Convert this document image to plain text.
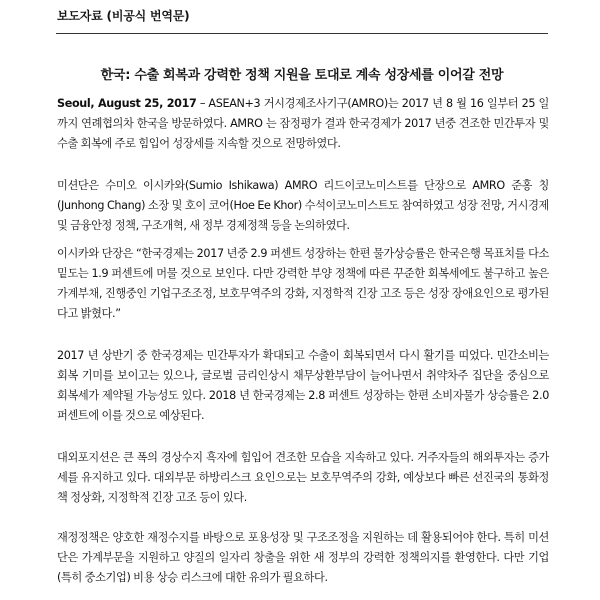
보도자료 (비공식 번역문)
한국: 수출 회복과 강력한 정책 지원을 토대로 계속 성장세를 이어갈 전망
Seoul, August 25, 2017 – ASEAN+3 거시경제조사기구(AMRO)는 2017 년 8 월 16 일부터 25 일까지 연례협의차 한국을 방문하였다. AMRO 는 잠정평가 결과 한국경제가 2017 년중 견조한 민간투자 및 수출 회복에 주로 힘입어 성장세를 지속할 것으로 전망하였다.
미션단은 수미오 이시카와(Sumio Ishikawa) AMRO 리드이코노미스트를 단장으로 AMRO 준홍 칭(Junhong Chang) 소장 및 호이 코어(Hoe Ee Khor) 수석이코노미스트도 참여하였고 성장 전망, 거시경제 및 금융안정 정책, 구조개혁, 새 정부 경제정책 등을 논의하였다.
이시카와 단장은 “한국경제는 2017 년중 2.9 퍼센트 성장하는 한편 물가상승률은 한국은행 목표치를 다소 밑도는 1.9 퍼센트에 머물 것으로 보인다. 다만 강력한 부양 정책에 따른 꾸준한 회복세에도 불구하고 높은 가계부채, 진행중인 기업구조조정, 보호무역주의 강화, 지정학적 긴장 고조 등은 성장 장애요인으로 평가된다고 밝혔다.”
2017 년 상반기 중 한국경제는 민간투자가 확대되고 수출이 회복되면서 다시 활기를 띠었다. 민간소비는 회복 기미를 보이고는 있으나, 글로벌 금리인상시 채무상환부담이 늘어나면서 취약차주 집단을 중심으로 회복세가 제약될 가능성도 있다. 2018 년 한국경제는 2.8 퍼센트 성장하는 한편 소비자물가 상승률은 2.0 퍼센트에 이를 것으로 예상된다.
대외포지션은 큰 폭의 경상수지 흑자에 힘입어 견조한 모습을 지속하고 있다. 거주자들의 해외투자는 증가세를 유지하고 있다. 대외부문 하방리스크 요인으로는 보호무역주의 강화, 예상보다 빠른 선진국의 통화정책 정상화, 지정학적 긴장 고조 등이 있다.
재정정책은 양호한 재정수지를 바탕으로 포용성장 및 구조조정을 지원하는 데 활용되어야 한다. 특히 미션단은 가계부문을 지원하고 양질의 일자리 창출을 위한 새 정부의 강력한 정책의지를 환영한다. 다만 기업(특히 중소기업) 비용 상승 리스크에 대한 유의가 필요하다.
